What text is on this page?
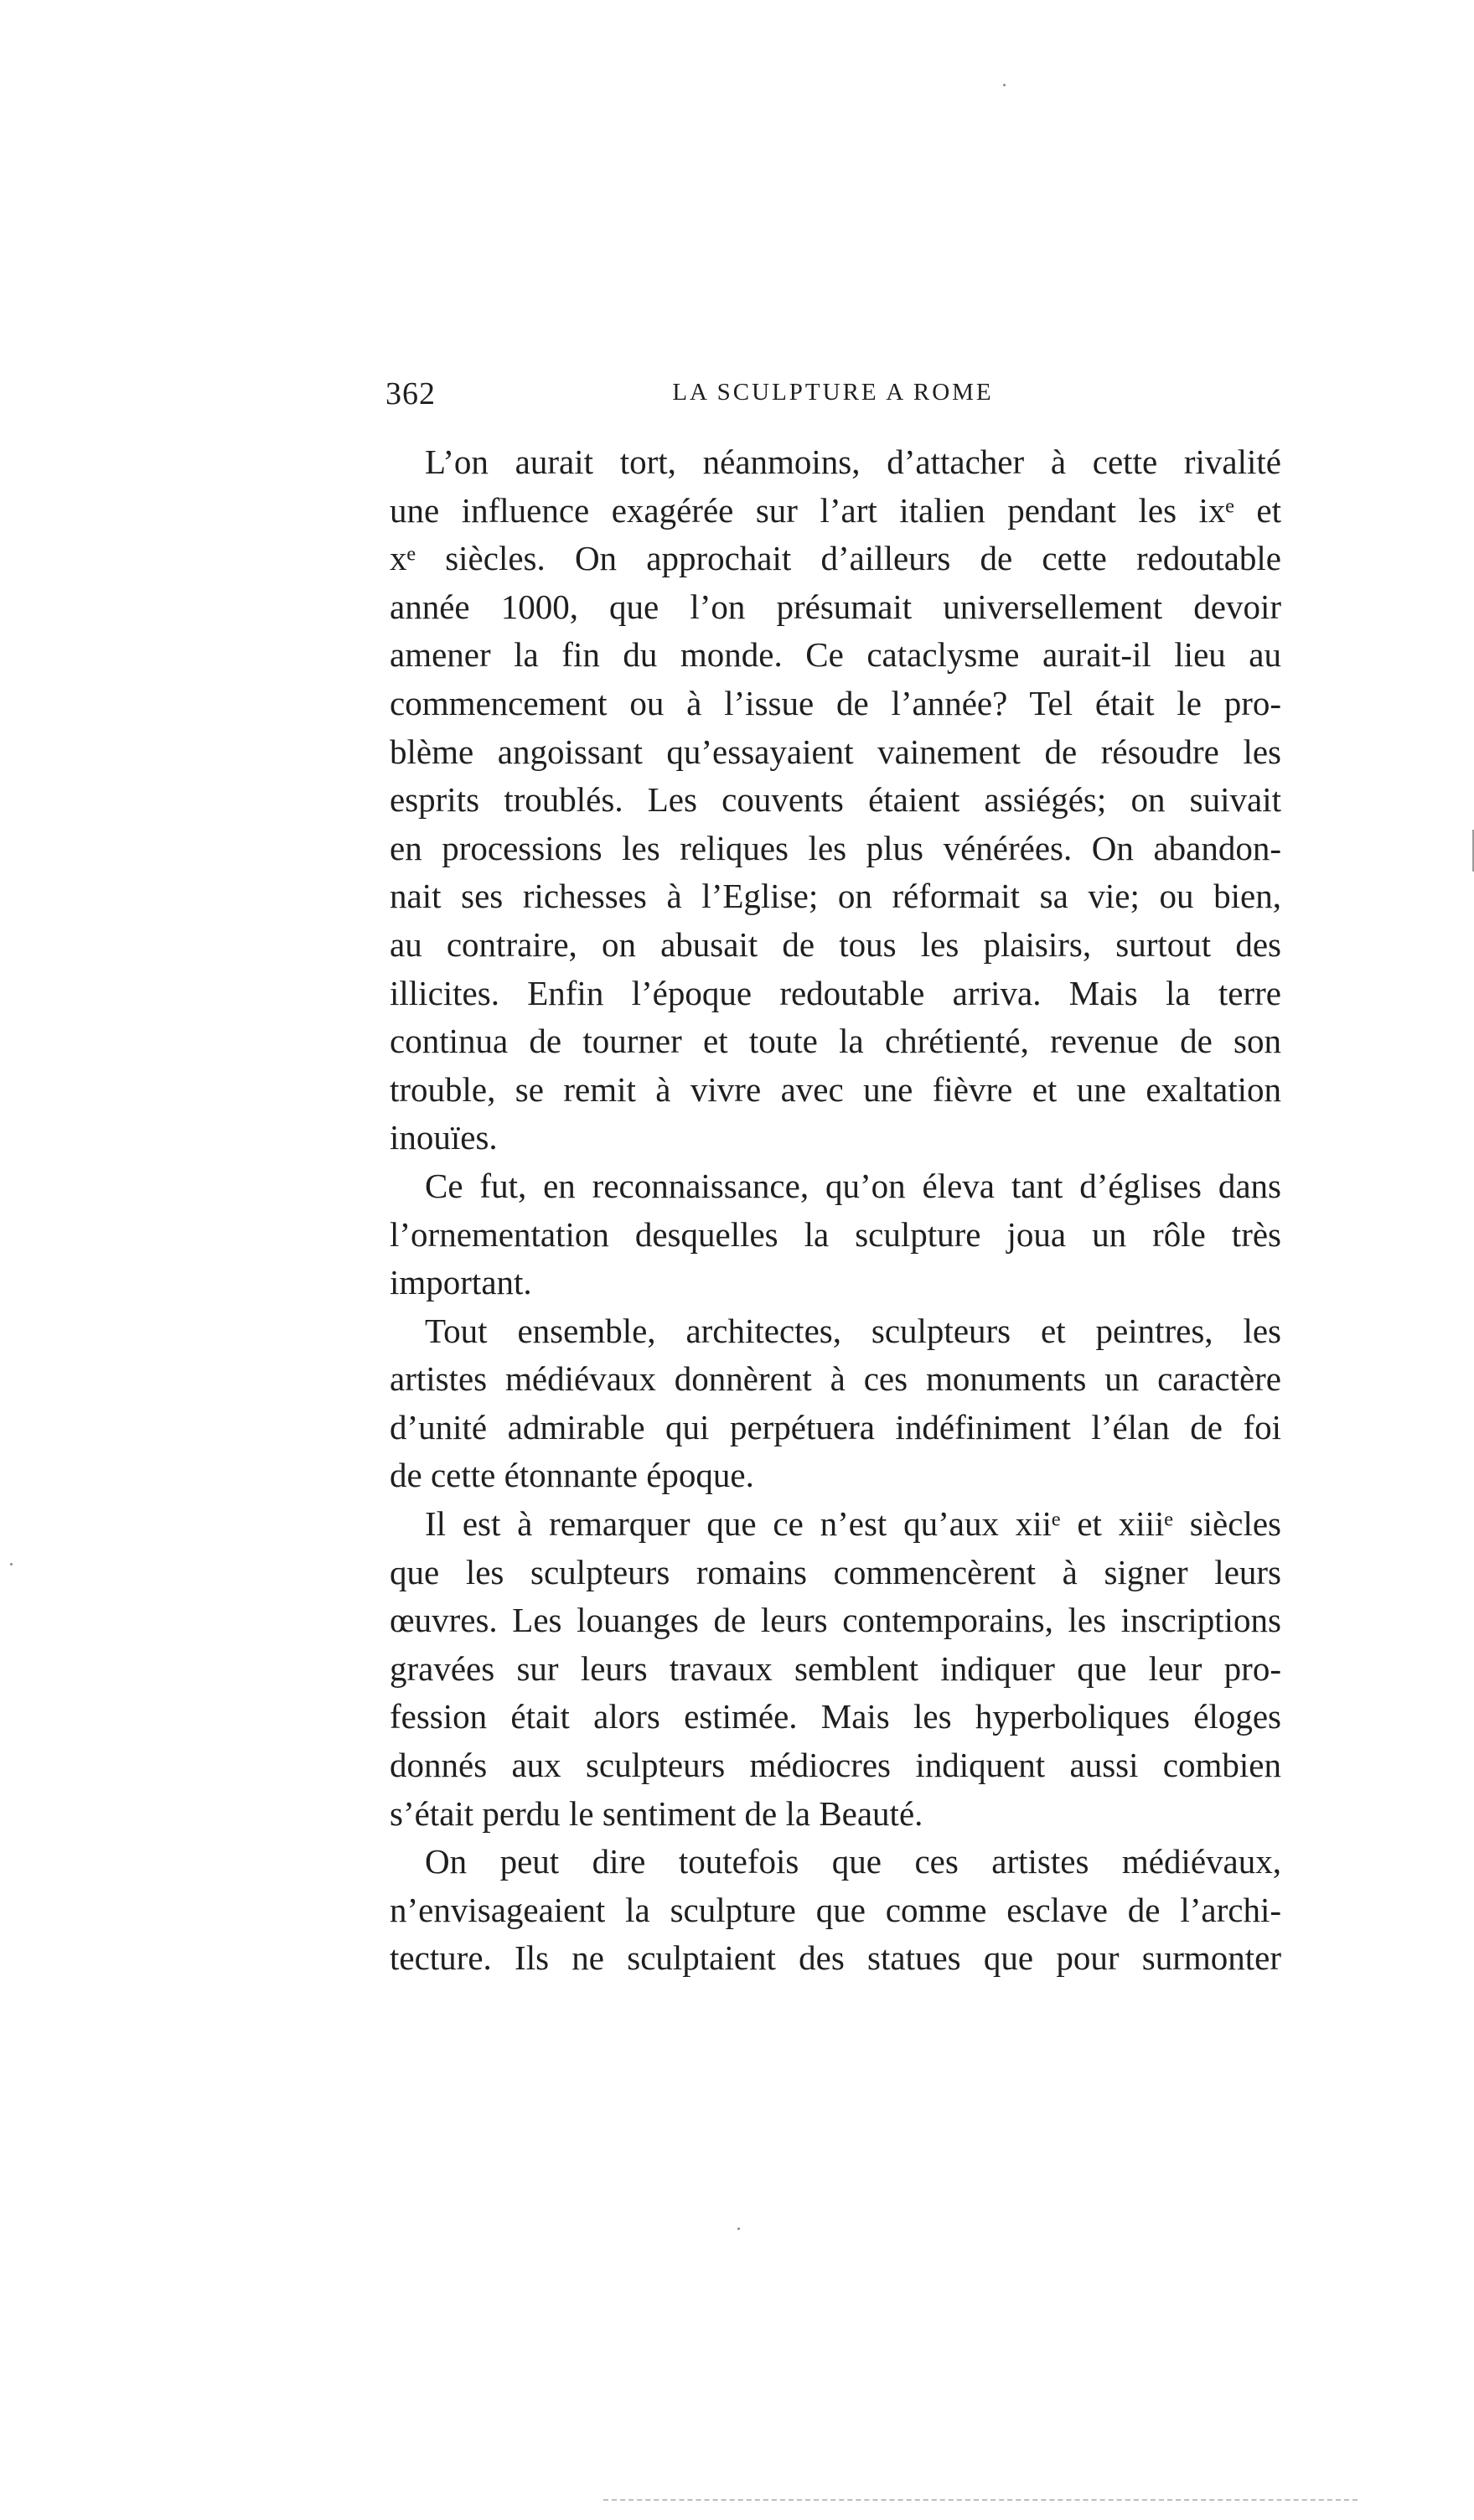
362	LA SCULPTURE A ROME
L’on aurait tort, néanmoins, d’attacher à cette rivalité
une influence exagérée sur l’art italien pendant les ixᵉ et
xᵉ siècles. On approchait d’ailleurs de cette redoutable
année 1000, que l’on présumait universellement devoir
amener la fin du monde. Ce cataclysme aurait-il lieu au
commencement ou à l’issue de l’année? Tel était le pro-
blème angoissant qu’essayaient vainement de résoudre les
esprits troublés. Les couvents étaient assiégés; on suivait
en processions les reliques les plus vénérées. On abandon-
nait ses richesses à l’Eglise; on réformait sa vie; ou bien,
au contraire, on abusait de tous les plaisirs, surtout des
illicites. Enfin l’époque redoutable arriva. Mais la terre
continua de tourner et toute la chrétienté, revenue de son
trouble, se remit à vivre avec une fièvre et une exaltation
inouïes.
Ce fut, en reconnaissance, qu’on éleva tant d’églises dans
l’ornementation desquelles la sculpture joua un rôle très
important.
Tout ensemble, architectes, sculpteurs et peintres, les
artistes médiévaux donnèrent à ces monuments un caractère
d’unité admirable qui perpétuera indéfiniment l’élan de foi
de cette étonnante époque.
Il est à remarquer que ce n’est qu’aux xiiᵉ et xiiiᵉ siècles
que les sculpteurs romains commencèrent à signer leurs
œuvres. Les louanges de leurs contemporains, les inscriptions
gravées sur leurs travaux semblent indiquer que leur pro-
fession était alors estimée. Mais les hyperboliques éloges
donnés aux sculpteurs médiocres indiquent aussi combien
s’était perdu le sentiment de la Beauté.
On peut dire toutefois que ces artistes médiévaux,
n’envisageaient la sculpture que comme esclave de l’archi-
tecture. Ils ne sculptaient des statues que pour surmonter
